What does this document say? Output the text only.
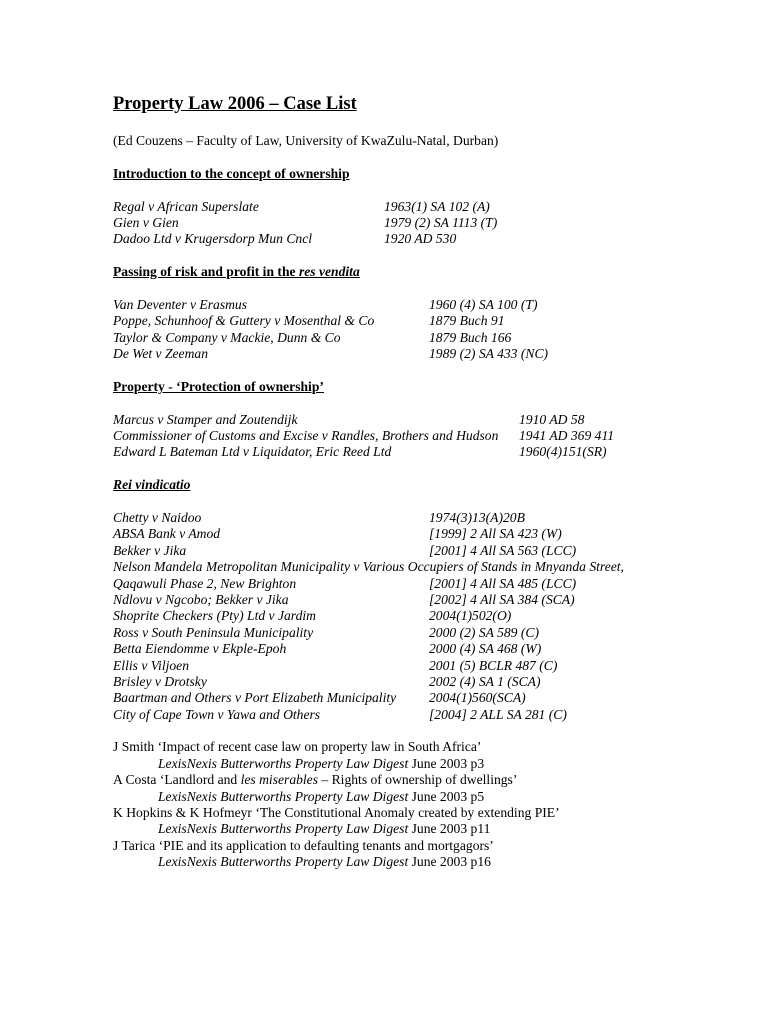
Property Law 2006 – Case List
(Ed Couzens – Faculty of Law, University of KwaZulu-Natal, Durban)
Introduction to the concept of ownership
Regal v African Superslate	1963(1) SA 102 (A)
Gien v Gien	1979 (2) SA 1113 (T)
Dadoo Ltd v Krugersdorp Mun Cncl	1920 AD 530
Passing of risk and profit in the res vendita
Van Deventer v Erasmus	1960 (4) SA 100 (T)
Poppe, Schunhoof & Guttery v Mosenthal & Co	1879 Buch 91
Taylor & Company v Mackie, Dunn & Co	1879 Buch 166
De Wet v Zeeman	1989 (2) SA 433 (NC)
Property - ‘Protection of ownership’
Marcus v Stamper and Zoutendijk	1910 AD 58
Commissioner of Customs and Excise v Randles, Brothers and Hudson 1941 AD 369 411
Edward L Bateman Ltd v Liquidator, Eric Reed Ltd	1960(4)151(SR)
Rei vindicatio
Chetty v Naidoo	1974(3)13(A)20B
ABSA Bank v Amod	[1999] 2 All SA 423 (W)
Bekker v Jika	[2001] 4 All SA 563 (LCC)
Nelson Mandela Metropolitan Municipality v Various Occupiers of Stands in Mnyanda Street,
Qaqawuli Phase 2, New Brighton	[2001] 4 All SA 485 (LCC)
Ndlovu v Ngcobo; Bekker v Jika	[2002] 4 All SA 384 (SCA)
Shoprite Checkers (Pty) Ltd v Jardim	2004(1)502(O)
Ross v South Peninsula Municipality	2000 (2) SA 589 (C)
Betta Eiendomme v Ekple-Epoh	2000 (4) SA 468 (W)
Ellis v Viljoen	2001 (5) BCLR 487 (C)
Brisley v Drotsky	2002 (4) SA 1 (SCA)
Baartman and Others v Port Elizabeth Municipality 2004(1)560(SCA)
City of Cape Town v Yawa and Others	[2004] 2 ALL SA 281 (C)
J Smith ‘Impact of recent case law on property law in South Africa’
LexisNexis Butterworths Property Law Digest June 2003 p3
A Costa ‘Landlord and les miserables – Rights of ownership of dwellings’
LexisNexis Butterworths Property Law Digest June 2003 p5
K Hopkins & K Hofmeyr ‘The Constitutional Anomaly created by extending PIE’
LexisNexis Butterworths Property Law Digest June 2003 p11
J Tarica ‘PIE and its application to defaulting tenants and mortgagors’
LexisNexis Butterworths Property Law Digest June 2003 p16
